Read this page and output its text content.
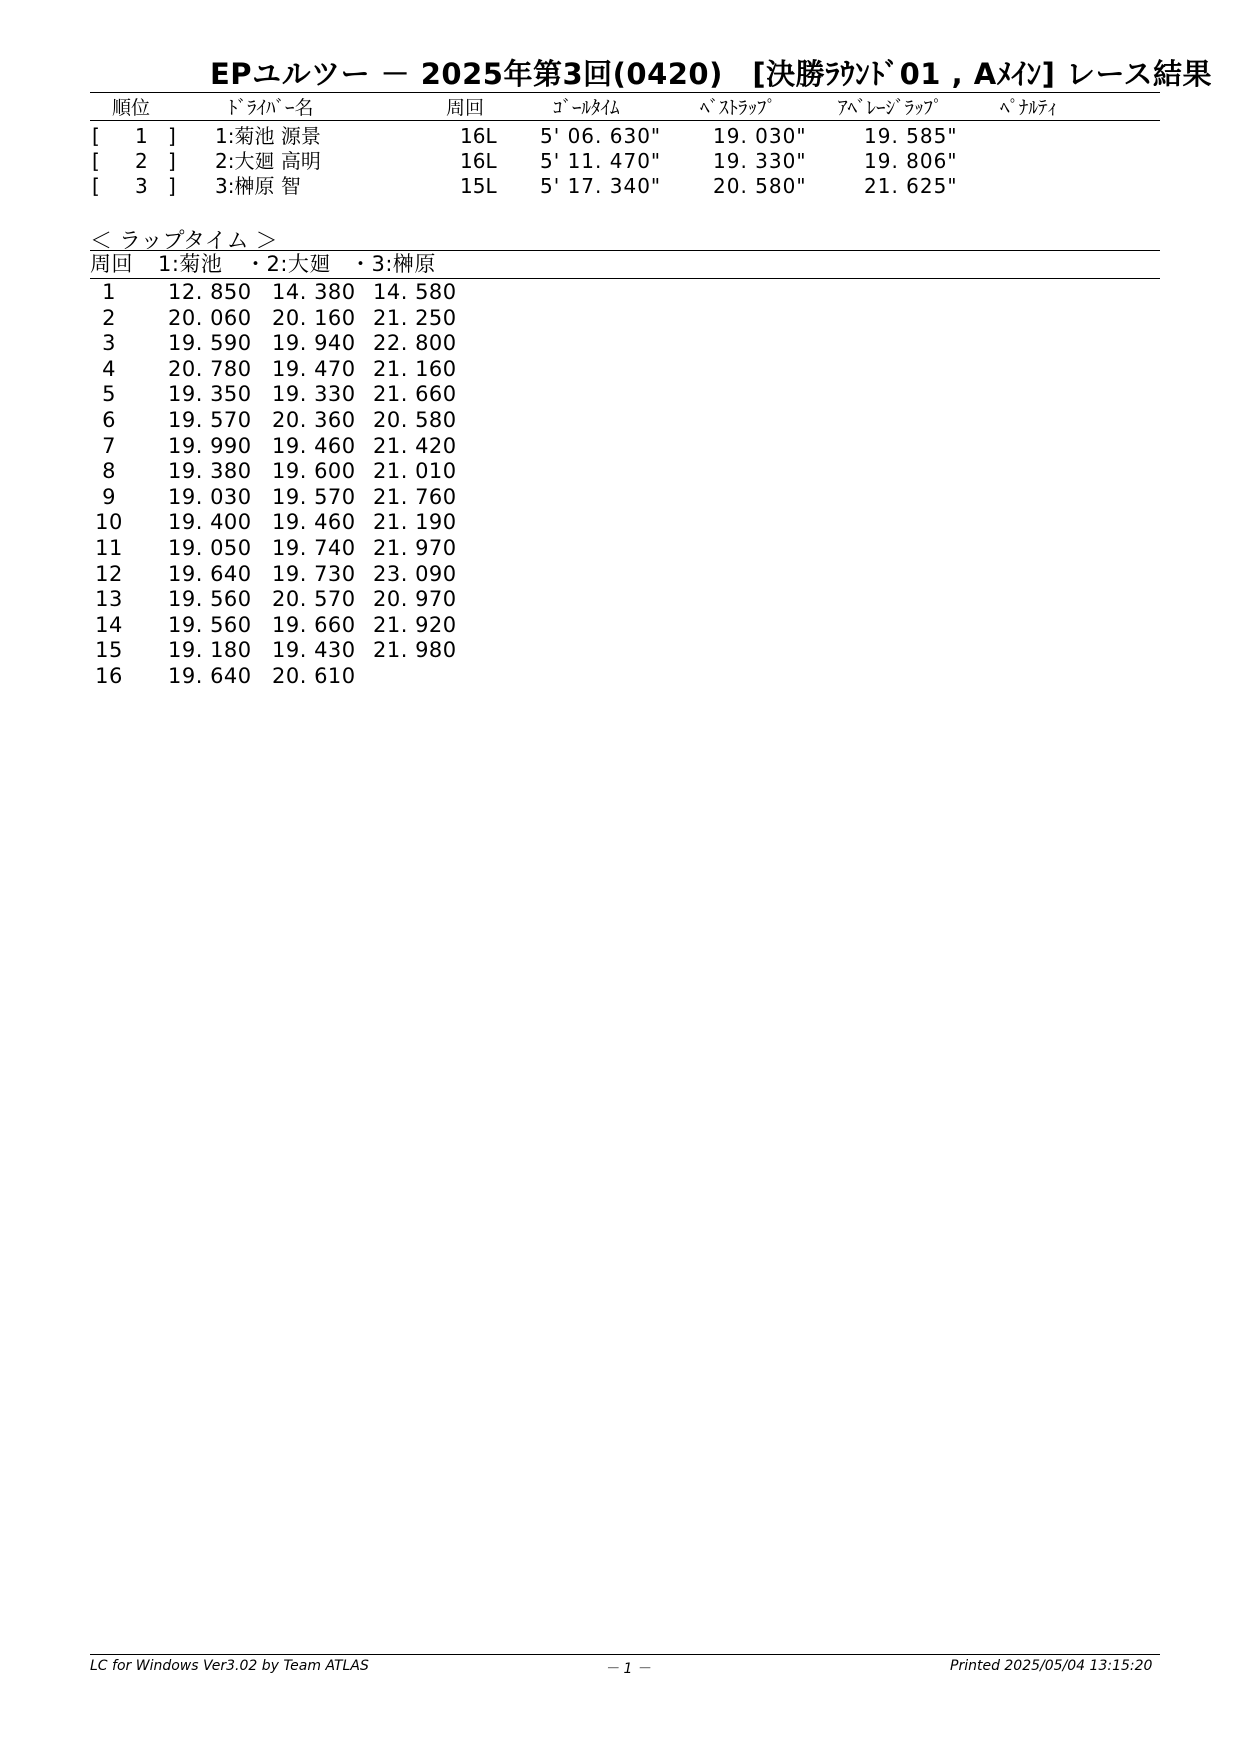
EPユルツー － 2025年第3回(0420)　[決勝ﾗｳﾝﾄﾞ01 , Aﾒｲﾝ] レース結果
順位	ﾄﾞﾗｲﾊﾞｰ名	周回	ｺﾞｰﾙﾀｲﾑ	ﾍﾞｽﾄﾗｯﾌﾟ	ｱﾍﾞﾚｰｼﾞﾗｯﾌﾟ	ﾍﾟﾅﾙﾃｨ
[ 1 ] 1:菊池 源景	16L 5' 06. 630"	19. 030"	19. 585"
[ 2 ] 2:大廻 高明	16L 5' 11. 470"	19. 330"	19. 806"
[ 3 ] 3:榊原 智	15L 5' 17. 340"	20. 580"	21. 625"
＜ ラップタイム ＞
周回 1:菊池 ・2:大廻 ・3:榊原
1	12. 850 14. 380 14. 580
2	20. 060 20. 160 21. 250
3	19. 590 19. 940 22. 800
4	20. 780 19. 470 21. 160
5	19. 350 19. 330 21. 660
6	19. 570 20. 360 20. 580
7	19. 990 19. 460 21. 420
8	19. 380 19. 600 21. 010
9	19. 030 19. 570 21. 760
10 19. 400 19. 460 21. 190
11 19. 050 19. 740 21. 970
12 19. 640 19. 730 23. 090
13 19. 560 20. 570 20. 970
14 19. 560 19. 660 21. 920
15 19. 180 19. 430 21. 980
16 19. 640 20. 610
LC for Windows Ver3.02 by Team ATLAS	－ 1 －	Printed 2025/05/04 13:15:20
